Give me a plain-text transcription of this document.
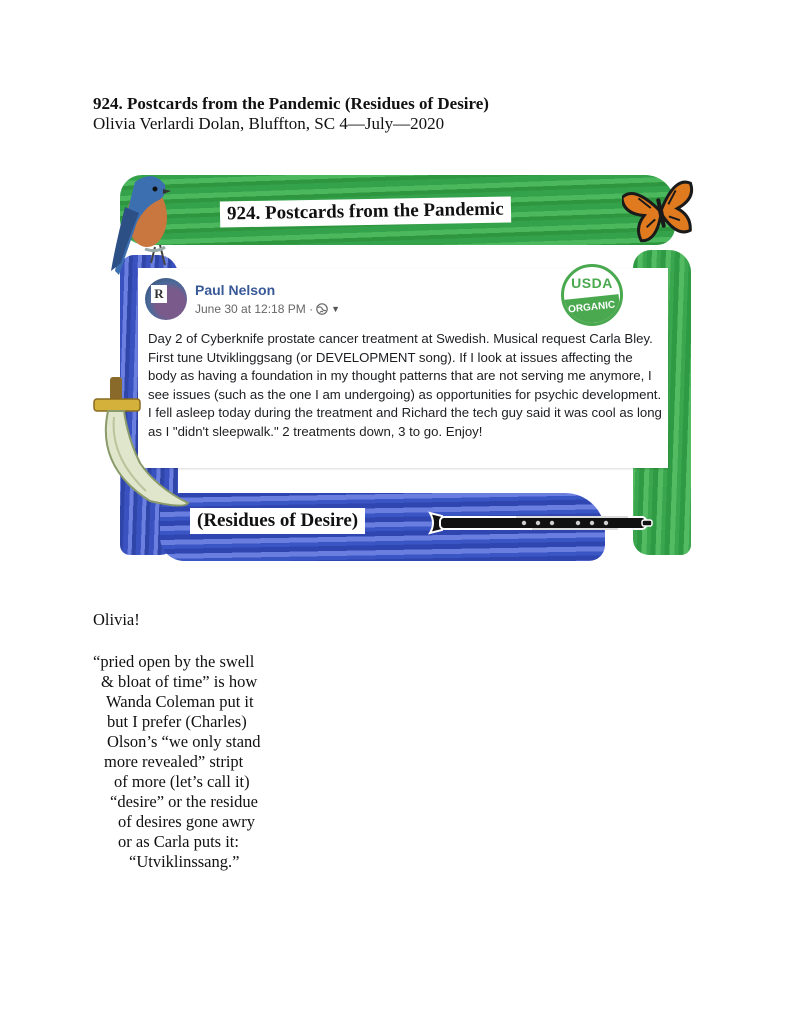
924. Postcards from the Pandemic (Residues of Desire)
Olivia Verlardi Dolan, Bluffton, SC 4—July—2020
924. Postcards from the Pandemic
R Paul Nelson
June 30 at 12:18 PM · ▼
Day 2 of Cyberknife prostate cancer treatment at Swedish. Musical request Carla Bley. First tune Utviklinggsang (or DEVELOPMENT song). If I look at issues affecting the body as having a foundation in my thought patterns that are not serving me anymore, I see issues (such as the one I am undergoing) as opportunities for psychic development. I fell asleep today during the treatment and Richard the tech guy said it was cool as long as I "didn't sleepwalk." 2 treatments down, 3 to go. Enjoy!
USDA
ORGANIC
(Residues of Desire)
Olivia!
“pried open by the swell
& bloat of time” is how
Wanda Coleman put it
but I prefer (Charles)
Olson’s “we only stand
more revealed” stript
of more (let’s call it)
“desire” or the residue
of desires gone awry
or as Carla puts it:
“Utviklinssang.”
